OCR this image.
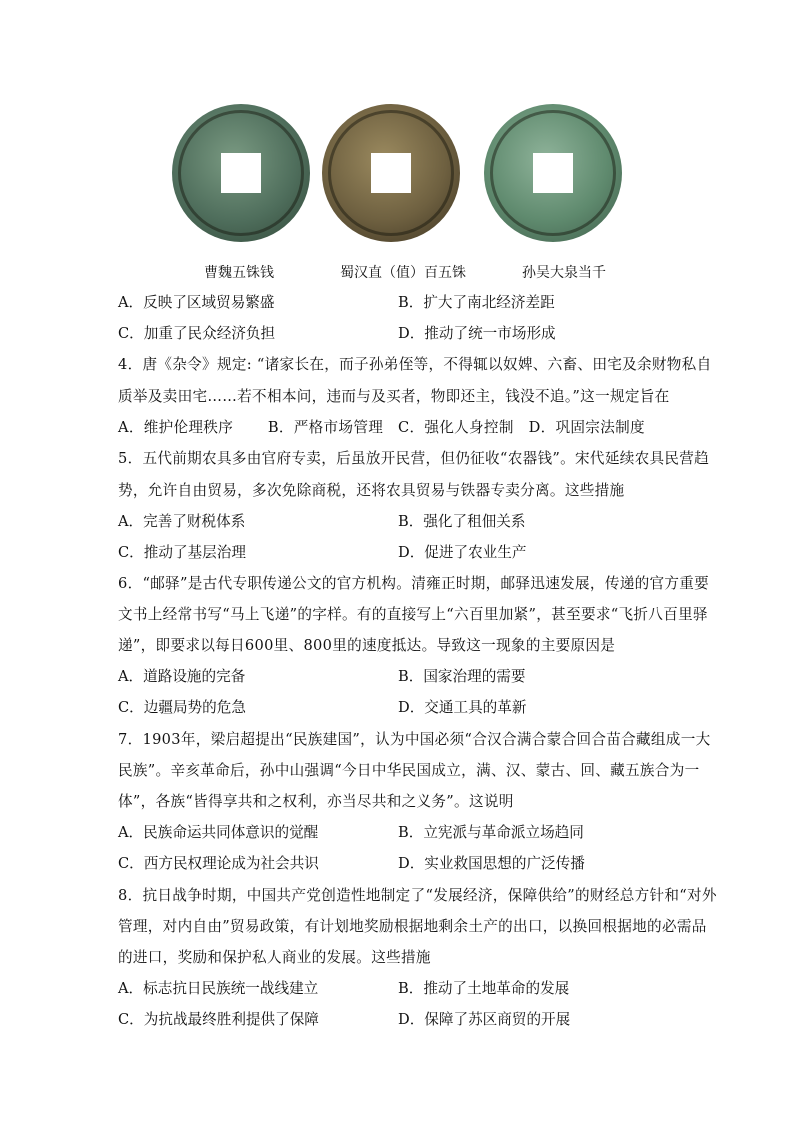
曹魏五铢钱	蜀汉直（值）百五铢	孙吴大泉当千
A．反映了区域贸易繁盛	B．扩大了南北经济差距
C．加重了民众经济负担	D．推动了统一市场形成
4．唐《杂令》规定: “诸家长在，而子孙弟侄等，不得辄以奴婢、六畜、田宅及余财物私自
质举及卖田宅……若不相本问，违而与及买者，物即还主，钱没不追。”这一规定旨在
A．维护伦理秩序　　 B．严格市场管理　C．强化人身控制　D．巩固宗法制度
5．五代前期农具多由官府专卖，后虽放开民营，但仍征收“农器钱”。宋代延续农具民营趋
势，允许自由贸易，多次免除商税，还将农具贸易与铁器专卖分离。这些措施
A．完善了财税体系	B．强化了租佃关系
C．推动了基层治理	D．促进了农业生产
6．“邮驿”是古代专职传递公文的官方机构。清雍正时期，邮驿迅速发展，传递的官方重要
文书上经常书写“马上飞递”的字样。有的直接写上“六百里加紧”，甚至要求“飞折八百里驿
递”，即要求以每日600里、800里的速度抵达。导致这一现象的主要原因是
A．道路设施的完备	B．国家治理的需要
C．边疆局势的危急	D．交通工具的革新
7．1903年，梁启超提出“民族建国”，认为中国必须“合汉合满合蒙合回合苗合藏组成一大
民族”。辛亥革命后，孙中山强调“今日中华民国成立，满、汉、蒙古、回、藏五族合为一
体”，各族“皆得享共和之权利，亦当尽共和之义务”。这说明
A．民族命运共同体意识的觉醒	B．立宪派与革命派立场趋同
C．西方民权理论成为社会共识	D．实业救国思想的广泛传播
8．抗日战争时期，中国共产党创造性地制定了“发展经济，保障供给”的财经总方针和“对外
管理，对内自由”贸易政策，有计划地奖励根据地剩余土产的出口，以换回根据地的必需品
的进口，奖励和保护私人商业的发展。这些措施
A．标志抗日民族统一战线建立	B．推动了土地革命的发展
C．为抗战最终胜利提供了保障	D．保障了苏区商贸的开展
